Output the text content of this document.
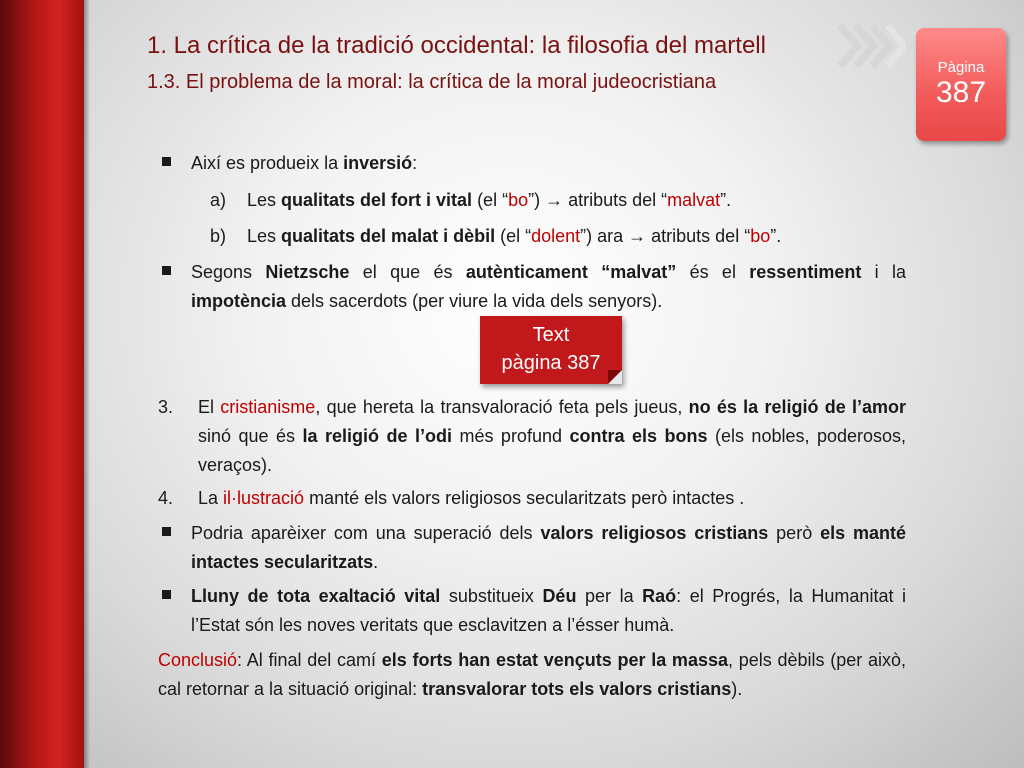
1. La crítica de la tradició occidental: la filosofia del martell
1.3. El problema de la moral: la crítica de la moral judeocristiana
Pàgina
387
Així es produeix la inversió:
a) Les qualitats del fort i vital (el “bo”) → atributs del “malvat”.
b) Les qualitats del malat i dèbil (el “dolent”) ara → atributs del “bo”.
Segons Nietzsche el que és autènticament “malvat” és el ressentiment i la impotència dels sacerdots (per viure la vida dels senyors).
3. El cristianisme, que hereta la transvaloració feta pels jueus, no és la religió de l’amor sinó que és la religió de l’odi més profund contra els bons (els nobles, poderosos, veraços).
4. La il·lustració manté els valors religiosos secularitzats però intactes .
Podria aparèixer com una superació dels valors religiosos cristians però els manté intactes secularitzats.
Lluny de tota exaltació vital substitueix Déu per la Raó: el Progrés, la Humanitat i l’Estat són les noves veritats que esclavitzen a l’ésser humà.
Conclusió: Al final del camí els forts han estat vençuts per la massa, pels dèbils (per això, cal retornar a la situació original: transvalorar tots els valors cristians).
Text
pàgina 387
